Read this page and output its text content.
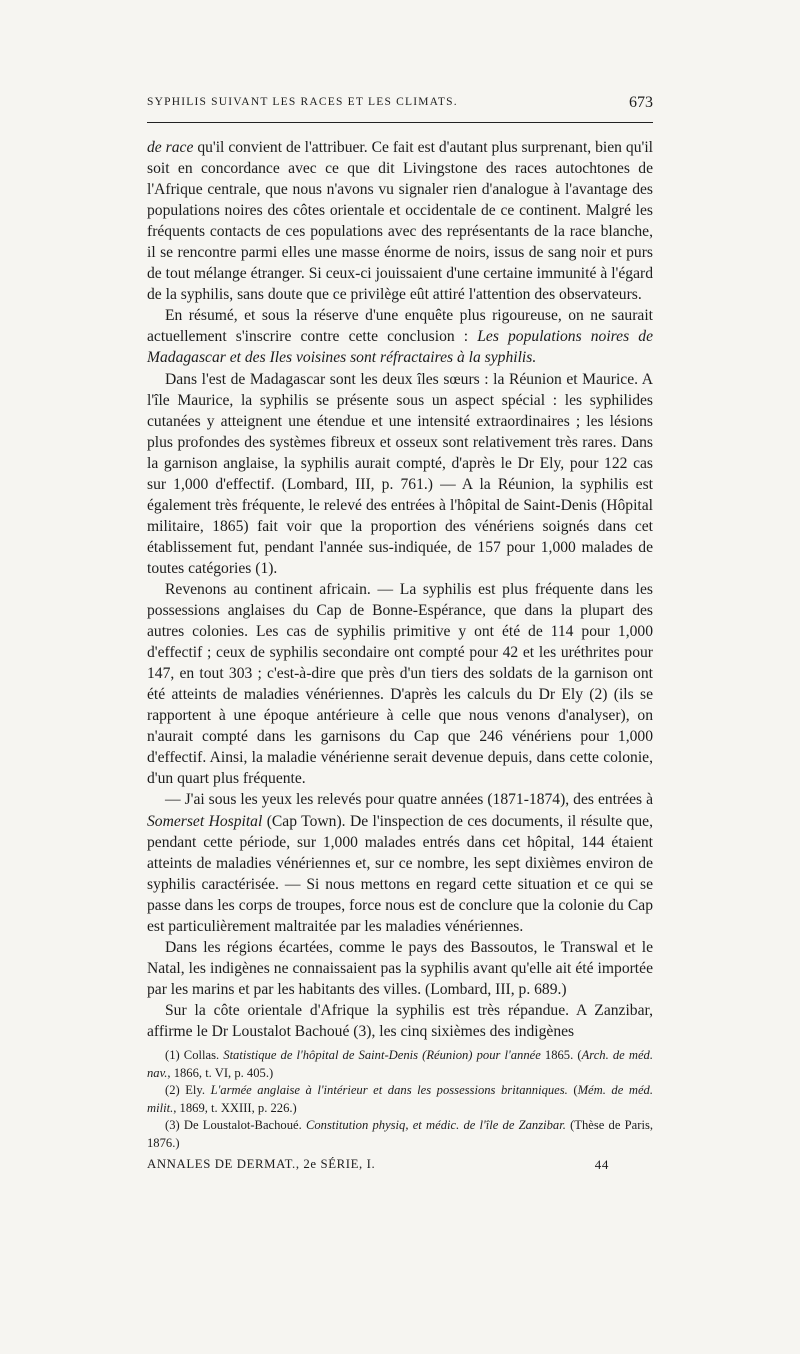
SYPHILIS SUIVANT LES RACES ET LES CLIMATS.	673

de race qu'il convient de l'attribuer. Ce fait est d'autant plus surprenant, bien qu'il soit en concordance avec ce que dit Livingstone des races autochtones de l'Afrique centrale, que nous n'avons vu signaler rien d'analogue à l'avantage des populations noires des côtes orientale et occidentale de ce continent. Malgré les fréquents contacts de ces populations avec des représentants de la race blanche, il se rencontre parmi elles une masse énorme de noirs, issus de sang noir et purs de tout mélange étranger. Si ceux-ci jouissaient d'une certaine immunité à l'égard de la syphilis, sans doute que ce privilège eût attiré l'attention des observateurs.

En résumé, et sous la réserve d'une enquête plus rigoureuse, on ne saurait actuellement s'inscrire contre cette conclusion : Les populations noires de Madagascar et des Iles voisines sont réfractaires à la syphilis.

Dans l'est de Madagascar sont les deux îles sœurs : la Réunion et Maurice. A l'île Maurice, la syphilis se présente sous un aspect spécial : les syphilides cutanées y atteignent une étendue et une intensité extraordinaires ; les lésions plus profondes des systèmes fibreux et osseux sont relativement très rares. Dans la garnison anglaise, la syphilis aurait compté, d'après le Dr Ely, pour 122 cas sur 1,000 d'effectif. (Lombard, III, p. 761.) — A la Réunion, la syphilis est également très fréquente, le relevé des entrées à l'hôpital de Saint-Denis (Hôpital militaire, 1865) fait voir que la proportion des vénériens soignés dans cet établissement fut, pendant l'année sus-indiquée, de 157 pour 1,000 malades de toutes catégories (1).

Revenons au continent africain. — La syphilis est plus fréquente dans les possessions anglaises du Cap de Bonne-Espérance, que dans la plupart des autres colonies. Les cas de syphilis primitive y ont été de 114 pour 1,000 d'effectif ; ceux de syphilis secondaire ont compté pour 42 et les uréthrites pour 147, en tout 303 ; c'est-à-dire que près d'un tiers des soldats de la garnison ont été atteints de maladies vénériennes. D'après les calculs du Dr Ely (2) (ils se rapportent à une époque antérieure à celle que nous venons d'analyser), on n'aurait compté dans les garnisons du Cap que 246 vénériens pour 1,000 d'effectif. Ainsi, la maladie vénérienne serait devenue depuis, dans cette colonie, d'un quart plus fréquente.

— J'ai sous les yeux les relevés pour quatre années (1871-1874), des entrées à Somerset Hospital (Cap Town). De l'inspection de ces documents, il résulte que, pendant cette période, sur 1,000 malades entrés dans cet hôpital, 144 étaient atteints de maladies vénériennes et, sur ce nombre, les sept dixièmes environ de syphilis caractérisée. — Si nous mettons en regard cette situation et ce qui se passe dans les corps de troupes, force nous est de conclure que la colonie du Cap est particulièrement maltraitée par les maladies vénériennes.

Dans les régions écartées, comme le pays des Bassoutos, le Transwal et le Natal, les indigènes ne connaissaient pas la syphilis avant qu'elle ait été importée par les marins et par les habitants des villes. (Lombard, III, p. 689.)

Sur la côte orientale d'Afrique la syphilis est très répandue. A Zanzibar, affirme le Dr Loustalot Bachoué (3), les cinq sixièmes des indigènes

(1) Collas. Statistique de l'hôpital de Saint-Denis (Réunion) pour l'année 1865. (Arch. de méd. nav., 1866, t. VI, p. 405.)

(2) Ely. L'armée anglaise à l'intérieur et dans les possessions britanniques. (Mém. de méd. milit., 1869, t. XXIII, p. 226.)

(3) De Loustalot-Bachoué. Constitution physiq, et médic. de l'île de Zanzibar. (Thèse de Paris, 1876.)

ANNALES DE DERMAT., 2e SÉRIE, I.	44
